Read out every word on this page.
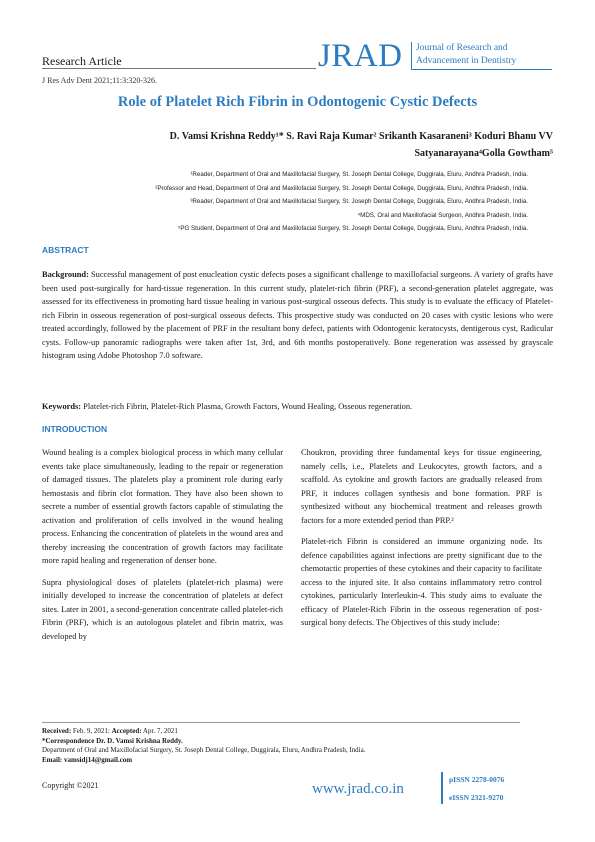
Research Article	JRAD Journal of Research and
Advancement in Dentistry
J Res Adv Dent 2021;11:3:320-326.
Role of Platelet Rich Fibrin in Odontogenic Cystic Defects
D. Vamsi Krishna Reddy¹* S. Ravi Raja Kumar² Srikanth Kasaraneni³ Koduri Bhanu VV
Satyanarayana⁴Golla Gowtham⁵
¹Reader, Department of Oral and Maxillofacial Surgery, St. Joseph Dental College, Duggirala, Eluru, Andhra Pradesh, India.
²Professor and Head, Department of Oral and Maxillofacial Surgery, St. Joseph Dental College, Duggirala, Eluru, Andhra Pradesh, India.
³Reader, Department of Oral and Maxillofacial Surgery, St. Joseph Dental College, Duggirala, Eluru, Andhra Pradesh, India.
⁴MDS, Oral and Maxillofacial Surgeon, Andhra Pradesh, India.
⁵PG Student, Department of Oral and Maxillofacial Surgery, St. Joseph Dental College, Duggirala, Eluru, Andhra Pradesh, India.
ABSTRACT
Background: Successful management of post enucleation cystic defects poses a significant challenge to maxillofacial surgeons. A variety of grafts have been used post-surgically for hard-tissue regeneration. In this current study, platelet-rich fibrin (PRF), a second-generation platelet aggregate, was assessed for its effectiveness in promoting hard tissue healing in various post-surgical osseous defects. This study is to evaluate the efficacy of Platelet-rich Fibrin in osseous regeneration of post-surgical osseous defects. This prospective study was conducted on 20 cases with cystic lesions who were treated accordingly, followed by the placement of PRF in the resultant bony defect, patients with Odontogenic keratocysts, dentigerous cyst, Radicular cysts. Follow-up panoramic radiographs were taken after 1st, 3rd, and 6th months postoperatively. Bone regeneration was assessed by grayscale histogram using Adobe Photoshop 7.0 software.
Keywords: Platelet-rich Fibrin, Platelet-Rich Plasma, Growth Factors, Wound Healing, Osseous regeneration.
INTRODUCTION

Wound healing is a complex biological process in which many cellular events take place simultaneously, leading to the repair or regeneration of damaged tissues. The platelets play a prominent role during early hemostasis and fibrin clot formation. They have also been shown to secrete a number of essential growth factors capable of stimulating the activation and proliferation of cells involved in the wound healing process. Enhancing the concentration of platelets in the wound area and thereby increasing the concentration of growth factors may facilitate more rapid healing and regeneration of denser bone.

Supra physiological doses of platelets (platelet-rich plasma) were initially developed to increase the concentration of platelets at defect sites. Later in 2001, a second-generation concentrate called platelet-rich Fibrin (PRF), which is an autologous platelet and fibrin matrix, was developed by

Choukron, providing three fundamental keys for tissue engineering, namely cells, i.e., Platelets and Leukocytes, growth factors, and a scaffold. As cytokine and growth factors are gradually released from PRF, it induces collagen synthesis and bone formation. PRF is synthesized without any biochemical treatment and releases growth factors for a more extended period than PRP.²

Platelet-rich Fibrin is considered an immune organizing node. Its defence capabilities against infections are pretty significant due to the chemotactic properties of these cytokines and their capacity to facilitate access to the injured site. It also contains inflammatory retro control cytokines, particularly Interleukin-4. This study aims to evaluate the efficacy of Platelet-Rich Fibrin in the osseous regeneration of post-surgical bony defects. The Objectives of this study include:

Received: Feb. 9, 2021: Accepted: Apr. 7, 2021
*Correspondence Dr. D. Vamsi Krishna Reddy.
Department of Oral and Maxillofacial Surgery, St. Joseph Dental College, Duggirala, Eluru, Andhra Pradesh, India.
Email: vamsidj14@gmail.com
Copyright ©2021	www.jrad.co.in
pISSN 2278-0076
eISSN 2321-9270
